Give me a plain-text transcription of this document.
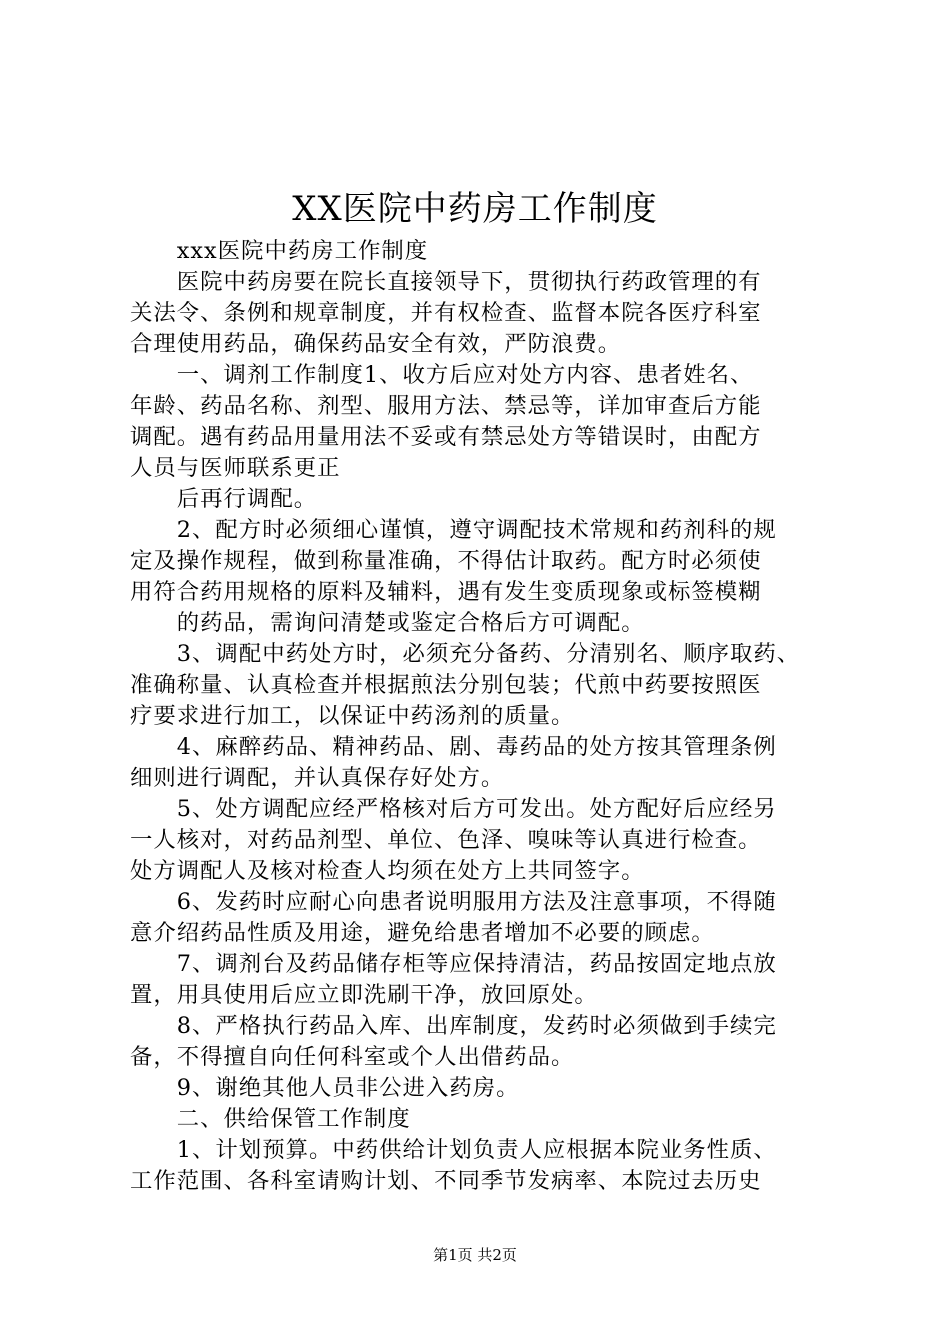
XX医院中药房工作制度
　　xxx医院中药房工作制度
　　医院中药房要在院长直接领导下，贯彻执行药政管理的有
关法令、条例和规章制度，并有权检查、监督本院各医疗科室
合理使用药品，确保药品安全有效，严防浪费。
　　一、调剂工作制度1、收方后应对处方内容、患者姓名、
年龄、药品名称、剂型、服用方法、禁忌等，详加审查后方能
调配。遇有药品用量用法不妥或有禁忌处方等错误时，由配方
人员与医师联系更正
　　后再行调配。
　　2、配方时必须细心谨慎，遵守调配技术常规和药剂科的规
定及操作规程，做到称量准确，不得估计取药。配方时必须使
用符合药用规格的原料及辅料，遇有发生变质现象或标签模糊
　　的药品，需询问清楚或鉴定合格后方可调配。
　　3、调配中药处方时，必须充分备药、分清别名、顺序取药、
准确称量、认真检查并根据煎法分别包装；代煎中药要按照医
疗要求进行加工，以保证中药汤剂的质量。
　　4、麻醉药品、精神药品、剧、毒药品的处方按其管理条例
细则进行调配，并认真保存好处方。
　　5、处方调配应经严格核对后方可发出。处方配好后应经另
一人核对，对药品剂型、单位、色泽、嗅味等认真进行检查。
处方调配人及核对检查人均须在处方上共同签字。
　　6、发药时应耐心向患者说明服用方法及注意事项，不得随
意介绍药品性质及用途，避免给患者增加不必要的顾虑。
　　7、调剂台及药品储存柜等应保持清洁，药品按固定地点放
置，用具使用后应立即洗刷干净，放回原处。
　　8、严格执行药品入库、出库制度，发药时必须做到手续完
备，不得擅自向任何科室或个人出借药品。
　　9、谢绝其他人员非公进入药房。
　　二、供给保管工作制度
　　1、计划预算。中药供给计划负责人应根据本院业务性质、
工作范围、各科室请购计划、不同季节发病率、本院过去历史
第1页 共2页
